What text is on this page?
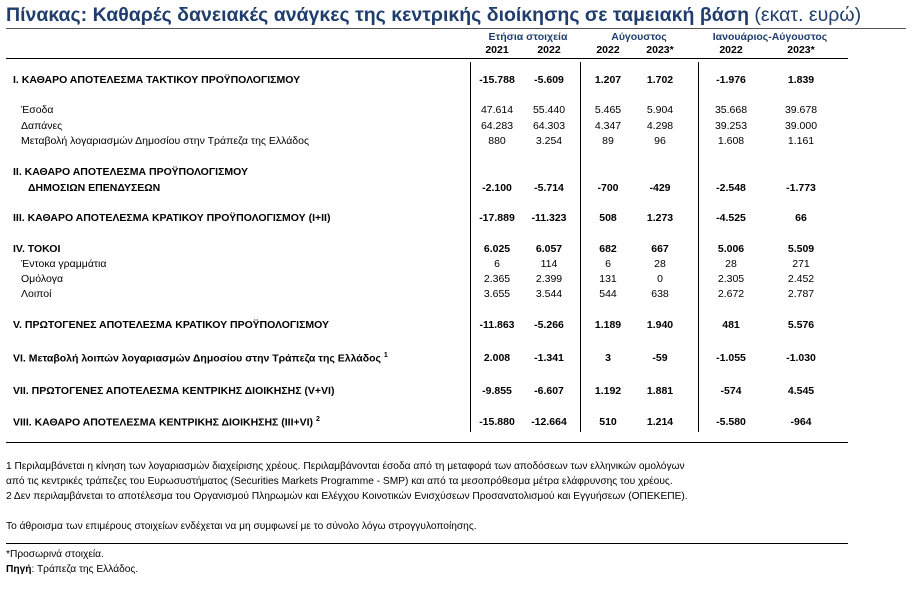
Πίνακας: Καθαρές δανειακές ανάγκες της κεντρικής διοίκησης σε ταμειακή βάση (εκατ. ευρώ)
Ετήσια στοιχεία	Αύγουστος	Ιανουάριος-Αύγουστος
2021	2022	2022	2023*	2022	2023*
I. ΚΑΘΑΡΟ ΑΠΟΤΕΛΕΣΜΑ ΤΑΚΤΙΚΟΥ ΠΡΟΫΠΟΛΟΓΙΣΜΟΥ	-15.788	-5.609	1.207	1.702	-1.976	1.839
Έσοδα	47.614	55.440	5.465	5.904	35.668	39.678
Δαπάνες	64.283	64.303	4.347	4.298	39.253	39.000
Μεταβολή λογαριασμών Δημοσίου στην Τράπεζα της Ελλάδος	880	3.254	89	96	1.608	1.161
II. ΚΑΘΑΡΟ ΑΠΟΤΕΛΕΣΜΑ ΠΡΟΫΠΟΛΟΓΙΣΜΟΥ
ΔΗΜΟΣΙΩΝ ΕΠΕΝΔΥΣΕΩΝ	-2.100	-5.714	-700	-429	-2.548	-1.773
III. ΚΑΘΑΡΟ ΑΠΟΤΕΛΕΣΜΑ ΚΡΑΤΙΚΟΥ ΠΡΟΫΠΟΛΟΓΙΣΜΟΥ (I+II)	-17.889	-11.323	508	1.273	-4.525	66
IV. ΤΟΚΟΙ	6.025	6.057	682	667	5.006	5.509
Έντοκα γραμμάτια	6	114	6	28	28	271
Ομόλογα	2.365	2.399	131	0	2.305	2.452
Λοιποί	3.655	3.544	544	638	2.672	2.787
V. ΠΡΩΤΟΓΕΝΕΣ ΑΠΟΤΕΛΕΣΜΑ ΚΡΑΤΙΚΟΥ ΠΡΟΫΠΟΛΟΓΙΣΜΟΥ	-11.863	-5.266	1.189	1.940	481	5.576
VI. Μεταβολή λοιπών λογαριασμών Δημοσίου στην Τράπεζα της Ελλάδος $^1$	2.008	-1.341	3	-59	-1.055	-1.030
VII. ΠΡΩΤΟΓΕΝΕΣ ΑΠΟΤΕΛΕΣΜΑ ΚΕΝΤΡΙΚΗΣ ΔΙΟΙΚΗΣΗΣ (V+VI)	-9.855	-6.607	1.192	1.881	-574	4.545
VIII. ΚΑΘΑΡΟ ΑΠΟΤΕΛΕΣΜΑ ΚΕΝΤΡΙΚΗΣ ΔΙΟΙΚΗΣΗΣ (III+VI) $^2$	-15.880	-12.664	510	1.214	-5.580	-964
1 Περιλαμβάνεται η κίνηση των λογαριασμών διαχείρισης χρέους. Περιλαμβάνονται έσοδα από τη μεταφορά των αποδόσεων των ελληνικών ομολόγων
από τις κεντρικές τράπεζες του Ευρωσυστήματος (Securities Markets Programme - SMP) και από τα μεσοπρόθεσμα μέτρα ελάφρυνσης του χρέους.
2 Δεν περιλαμβάνεται το αποτέλεσμα του Οργανισμού Πληρωμών και Ελέγχου Κοινοτικών Ενισχύσεων Προσανατολισμού και Εγγυήσεων (ΟΠΕΚΕΠΕ).
Το άθροισμα των επιμέρους στοιχείων ενδέχεται να μη συμφωνεί με το σύνολο λόγω στρογγυλοποίησης.
*Προσωρινά στοιχεία.
Πηγή: Τράπεζα της Ελλάδος.
